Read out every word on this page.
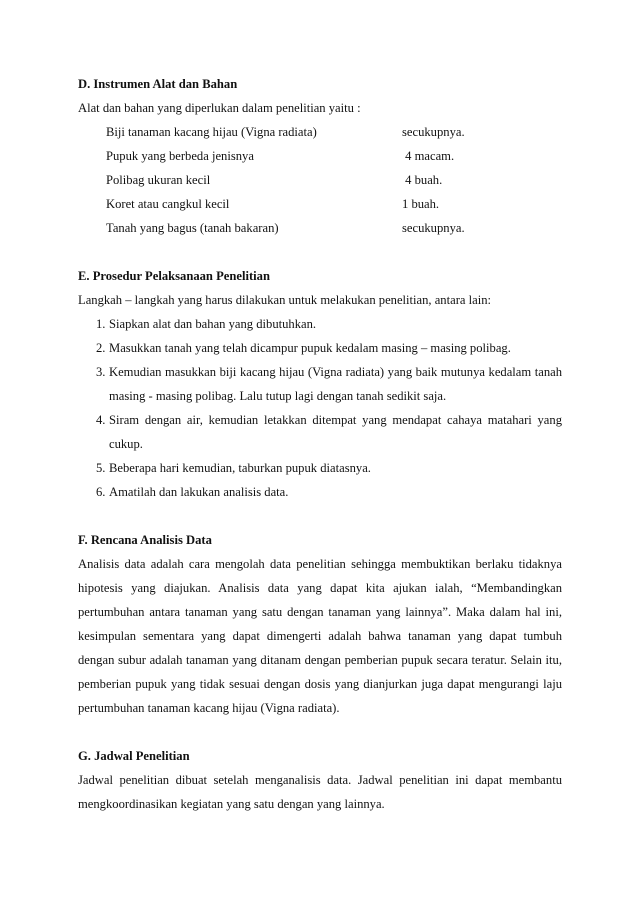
D. Instrumen Alat dan Bahan

Alat dan bahan yang diperlukan dalam penelitian yaitu :

Biji tanaman kacang hijau (Vigna radiata)	secukupnya.
Pupuk yang berbeda jenisnya	4 macam.
Polibag ukuran kecil	4 buah.
Koret atau cangkul kecil	1 buah.
Tanah yang bagus (tanah bakaran)	secukupnya.

E. Prosedur Pelaksanaan Penelitian

Langkah – langkah yang harus dilakukan untuk melakukan penelitian, antara lain:

1. Siapkan alat dan bahan yang dibutuhkan.
2. Masukkan tanah yang telah dicampur pupuk kedalam masing – masing polibag.
3. Kemudian masukkan biji kacang hijau (Vigna radiata) yang baik mutunya kedalam tanah masing - masing polibag. Lalu tutup lagi dengan tanah sedikit saja.
4. Siram dengan air, kemudian letakkan ditempat yang mendapat cahaya matahari yang cukup.
5. Beberapa hari kemudian, taburkan pupuk diatasnya.
6. Amatilah dan lakukan analisis data.

F. Rencana Analisis Data

Analisis data adalah cara mengolah data penelitian sehingga membuktikan berlaku tidaknya hipotesis yang diajukan. Analisis data yang dapat kita ajukan ialah, “Membandingkan pertumbuhan antara tanaman yang satu dengan tanaman yang lainnya”. Maka dalam hal ini, kesimpulan sementara yang dapat dimengerti adalah bahwa tanaman yang dapat tumbuh dengan subur adalah tanaman yang ditanam dengan pemberian pupuk secara teratur. Selain itu, pemberian pupuk yang tidak sesuai dengan dosis yang dianjurkan juga dapat mengurangi laju pertumbuhan tanaman kacang hijau (Vigna radiata).

G. Jadwal Penelitian

Jadwal penelitian dibuat setelah menganalisis data. Jadwal penelitian ini dapat membantu mengkoordinasikan kegiatan yang satu dengan yang lainnya.
